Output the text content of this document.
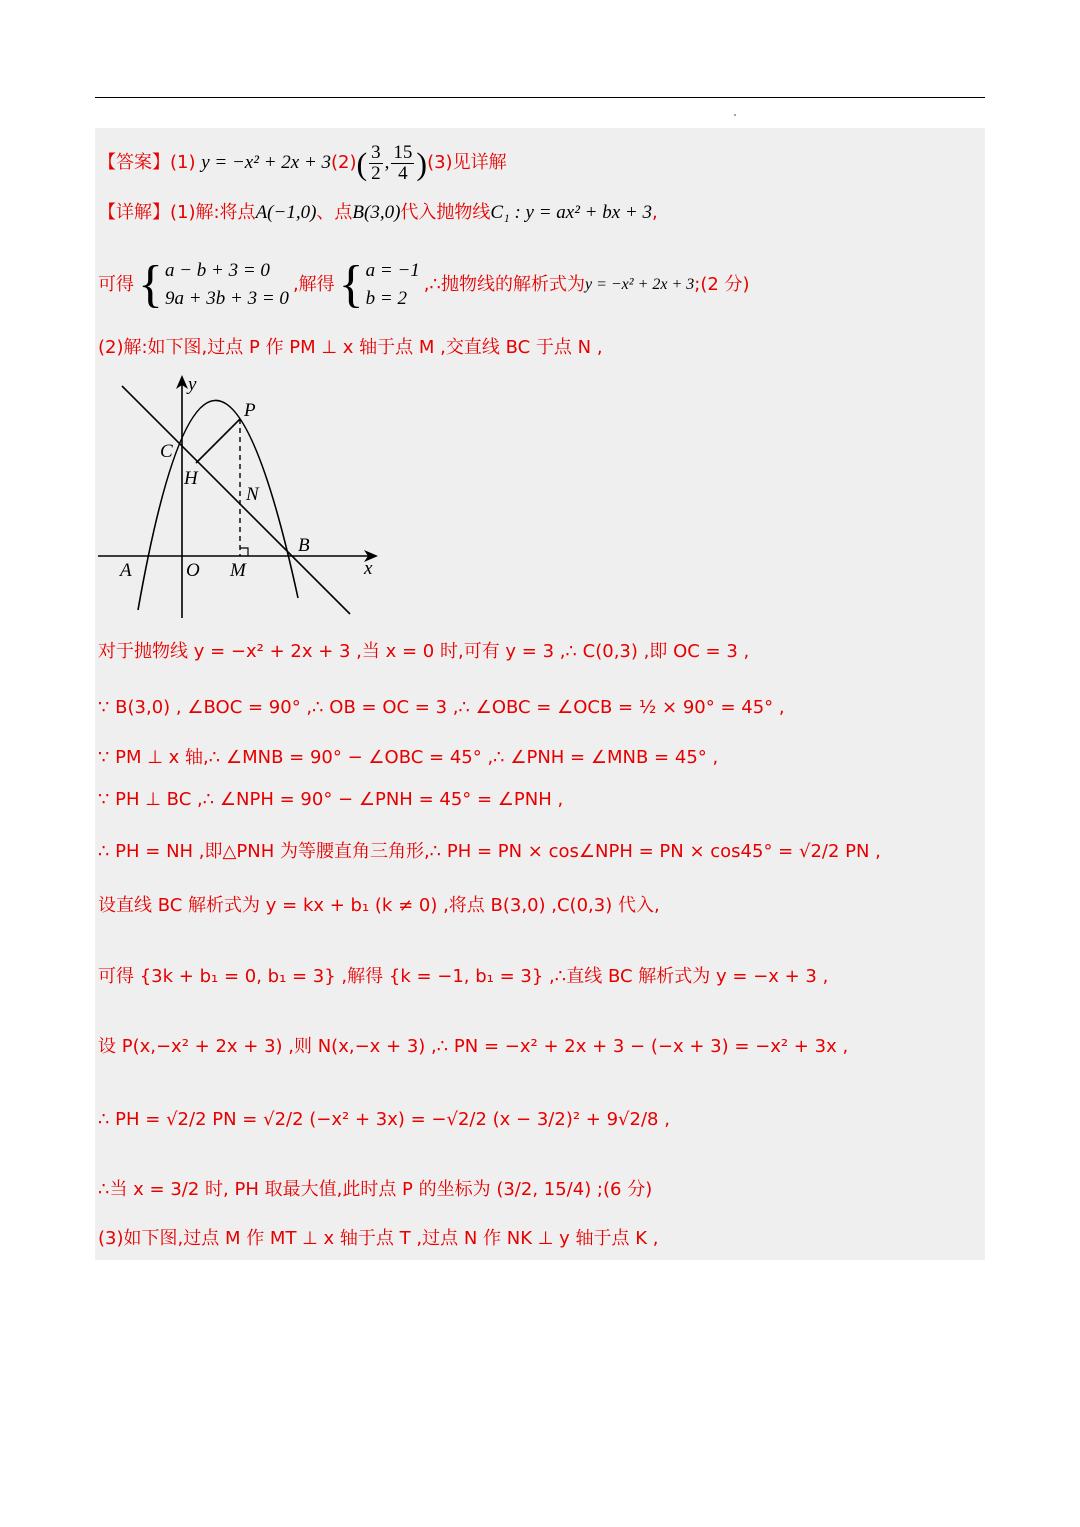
【答案】(1) $y = -x^2 + 2x + 3(2)( \frac{3}{2}$ , $\frac{15}{4} )(3)$见详解
【详解】(1)解:将点A(−1,0)、点B(3,0)代入抛物线C₁ : y = ax² + bx + 3,
可得 { a − b + 3 = 0
9a + 3b + 3 = 0
,解得 { a = −1
b = 2
,∴抛物线的解析式为 y = −x² + 2x + 3 ;(2 分)
(2)解:如下图,过点 P 作 PM ⊥ x 轴于点 M ,交直线 BC 于点 N ,
y
x
P
C
H
N
B
A	O M
对于抛物线 y = −x² + 2x + 3 ,当 x = 0 时,可有 y = 3 ,∴ C(0,3) ,即 OC = 3 ,
∵ B(3,0) , ∠BOC = 90° ,∴ OB = OC = 3 ,∴ ∠OBC = ∠OCB = ½ × 90° = 45° ,
∵ PM ⊥ x 轴,∴ ∠MNB = 90° − ∠OBC = 45° ,∴ ∠PNH = ∠MNB = 45° ,
∵ PH ⊥ BC ,∴ ∠NPH = 90° − ∠PNH = 45° = ∠PNH ,
∴ PH = NH ,即△PNH 为等腰直角三角形,∴ PH = PN × cos∠NPH = PN × cos45° = √2/2 PN ,
设直线 BC 解析式为 y = kx + b₁ (k ≠ 0) ,将点 B(3,0) ,C(0,3) 代入,
可得 {3k + b₁ = 0, b₁ = 3} ,解得 {k = −1, b₁ = 3} ,∴直线 BC 解析式为 y = −x + 3 ,
设 P(x,−x² + 2x + 3) ,则 N(x,−x + 3) ,∴ PN = −x² + 2x + 3 − (−x + 3) = −x² + 3x ,
∴ PH = √2/2 PN = √2/2 (−x² + 3x) = −√2/2 (x − 3/2)² + 9√2/8 ,
∴当 x = 3/2 时, PH 取最大值,此时点 P 的坐标为 (3/2, 15/4) ;(6 分)
(3)如下图,过点 M 作 MT ⊥ x 轴于点 T ,过点 N 作 NK ⊥ y 轴于点 K ,
